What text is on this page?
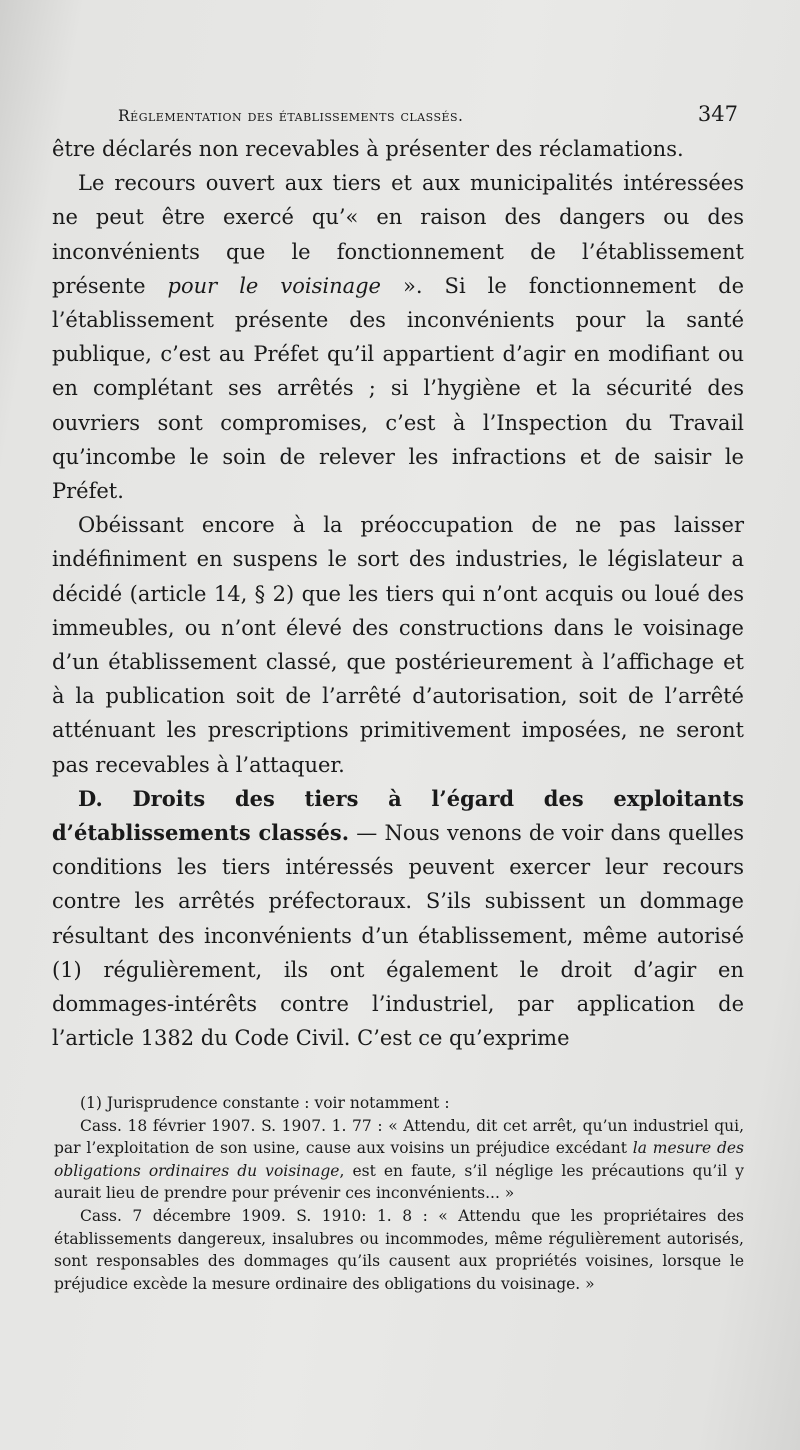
Réglementation des établissements classés.	347

être déclarés non recevables à présenter des réclamations.

Le recours ouvert aux tiers et aux municipalités intéressées ne peut être exercé qu’« en raison des dangers ou des inconvénients que le fonctionnement de l’établissement présente pour le voisinage ». Si le fonctionnement de l’établissement présente des inconvénients pour la santé publique, c’est au Préfet qu’il appartient d’agir en modifiant ou en complétant ses arrêtés ; si l’hygiène et la sécurité des ouvriers sont compromises, c’est à l’Inspection du Travail qu’incombe le soin de relever les infractions et de saisir le Préfet.

Obéissant encore à la préoccupation de ne pas laisser indéfiniment en suspens le sort des industries, le législateur a décidé (article 14, § 2) que les tiers qui n’ont acquis ou loué des immeubles, ou n’ont élevé des constructions dans le voisinage d’un établissement classé, que postérieurement à l’affichage et à la publication soit de l’arrêté d’autorisation, soit de l’arrêté atténuant les prescriptions primitivement imposées, ne seront pas recevables à l’attaquer.

D. Droits des tiers à l’égard des exploitants d’établissements classés. — Nous venons de voir dans quelles conditions les tiers intéressés peuvent exercer leur recours contre les arrêtés préfectoraux. S’ils subissent un dommage résultant des inconvénients d’un établissement, même autorisé (1) régulièrement, ils ont également le droit d’agir en dommages-intérêts contre l’industriel, par application de l’article 1382 du Code Civil. C’est ce qu’exprime

(1) Jurisprudence constante : voir notamment :

Cass. 18 février 1907. S. 1907. 1. 77 : « Attendu, dit cet arrêt, qu’un industriel qui, par l’exploitation de son usine, cause aux voisins un préjudice excédant la mesure des obligations ordinaires du voisinage, est en faute, s’il néglige les précautions qu’il y aurait lieu de prendre pour prévenir ces inconvénients... »

Cass. 7 décembre 1909. S. 1910: 1. 8 : « Attendu que les propriétaires des établissements dangereux, insalubres ou incommodes, même régulièrement autorisés, sont responsables des dommages qu’ils causent aux propriétés voisines, lorsque le préjudice excède la mesure ordinaire des obligations du voisinage. »
